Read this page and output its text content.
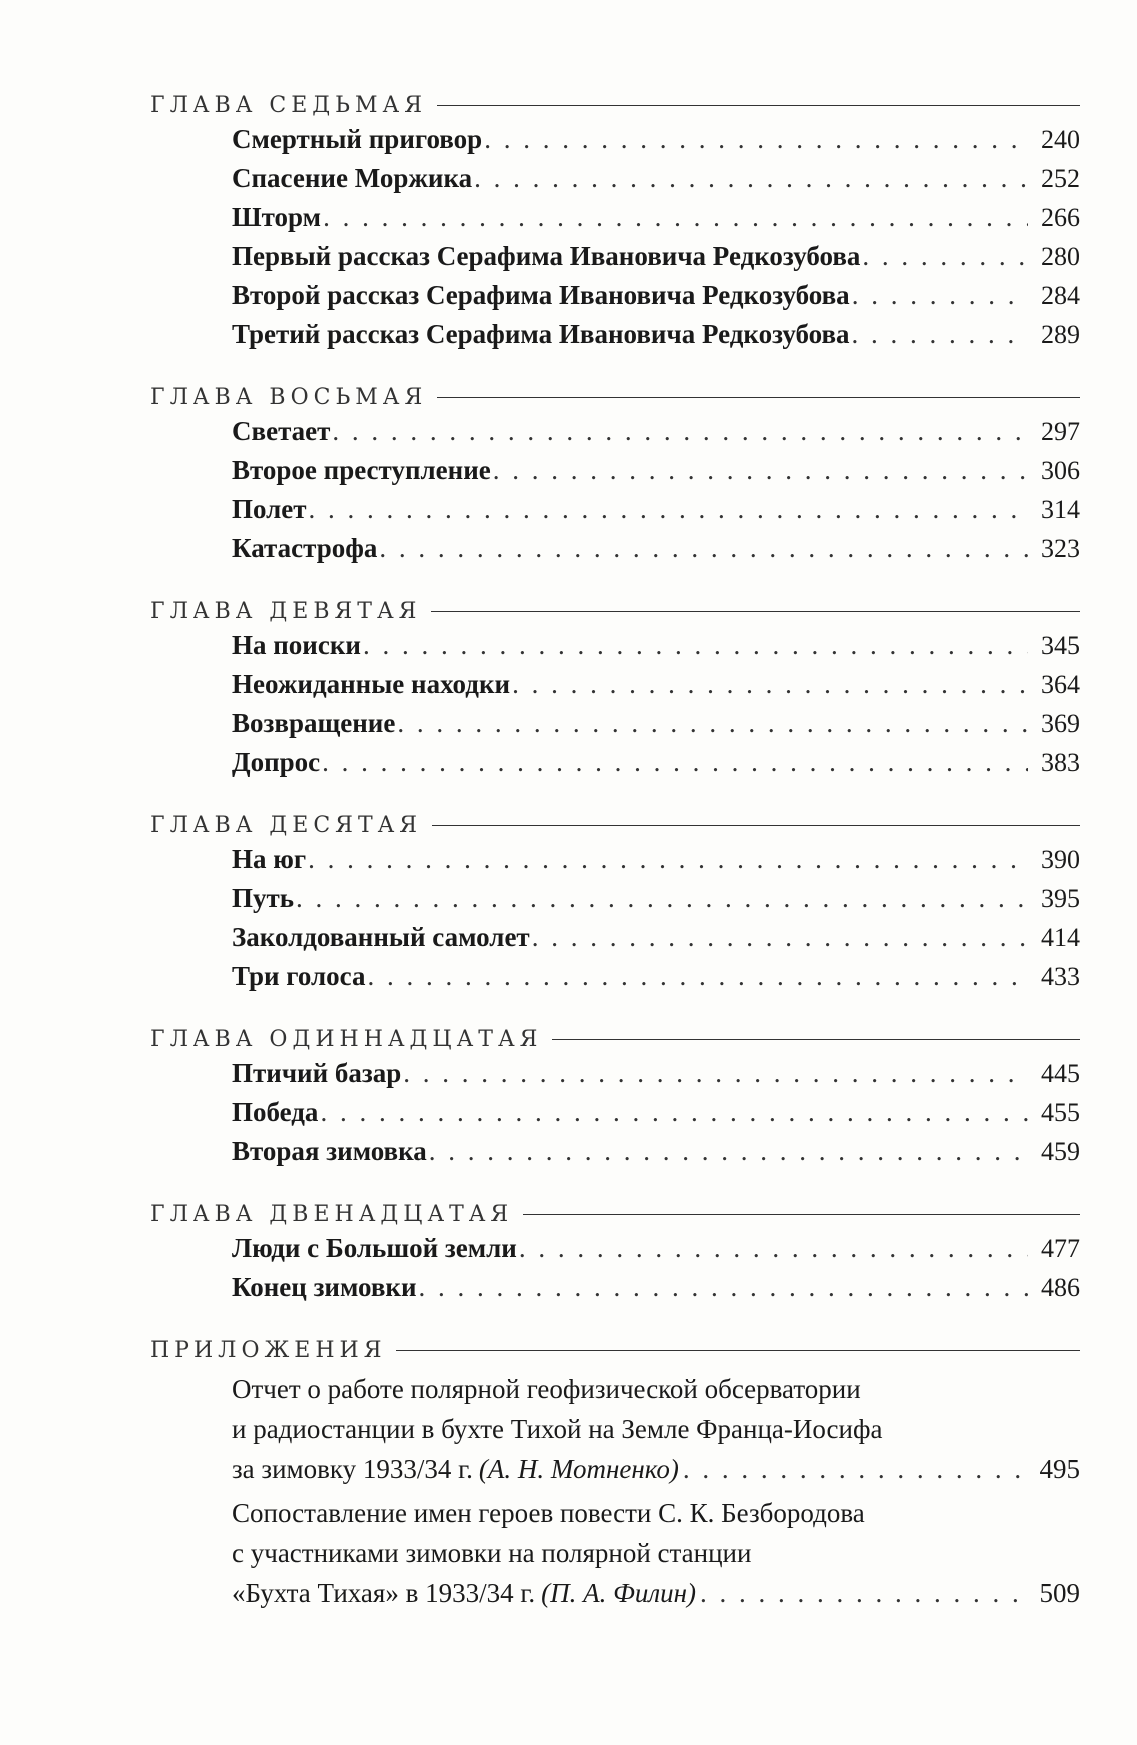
ГЛАВА СЕДЬМАЯ
Смертный приговор . . .	240
Спасение Моржика . . .	252
Шторм . . .	266
Первый рассказ Серафима Ивановича Редкозубова . . .	280
Второй рассказ Серафима Ивановича Редкозубова . . .	284
Третий рассказ Серафима Ивановича Редкозубова . . .	289
ГЛАВА ВОСЬМАЯ
Светает . . .	297
Второе преступление . . .	306
Полет . . .	314
Катастрофа . . .	323
ГЛАВА ДЕВЯТАЯ
На поиски . . .	345
Неожиданные находки . . .	364
Возвращение . . .	369
Допрос . . .	383
ГЛАВА ДЕСЯТАЯ
На юг . . .	390
Путь . . .	395
Заколдованный самолет . . .	414
Три голоса . . .	433
ГЛАВА ОДИННАДЦАТАЯ
Птичий базар . . .	445
Победа . . .	455
Вторая зимовка . . .	459
ГЛАВА ДВЕНАДЦАТАЯ
Люди с Большой земли . . .	477
Конец зимовки . . .	486
ПРИЛОЖЕНИЯ
Отчет о работе полярной геофизической обсерватории
и радиостанции в бухте Тихой на Земле Франца-Иосифа
за зимовку 1933/34 г. (А. Н. Мотненко) . . .	495
Сопоставление имен героев повести С. К. Безбородова
с участниками зимовки на полярной станции
«Бухта Тихая» в 1933/34 г. (П. А. Филин) . . .	509
